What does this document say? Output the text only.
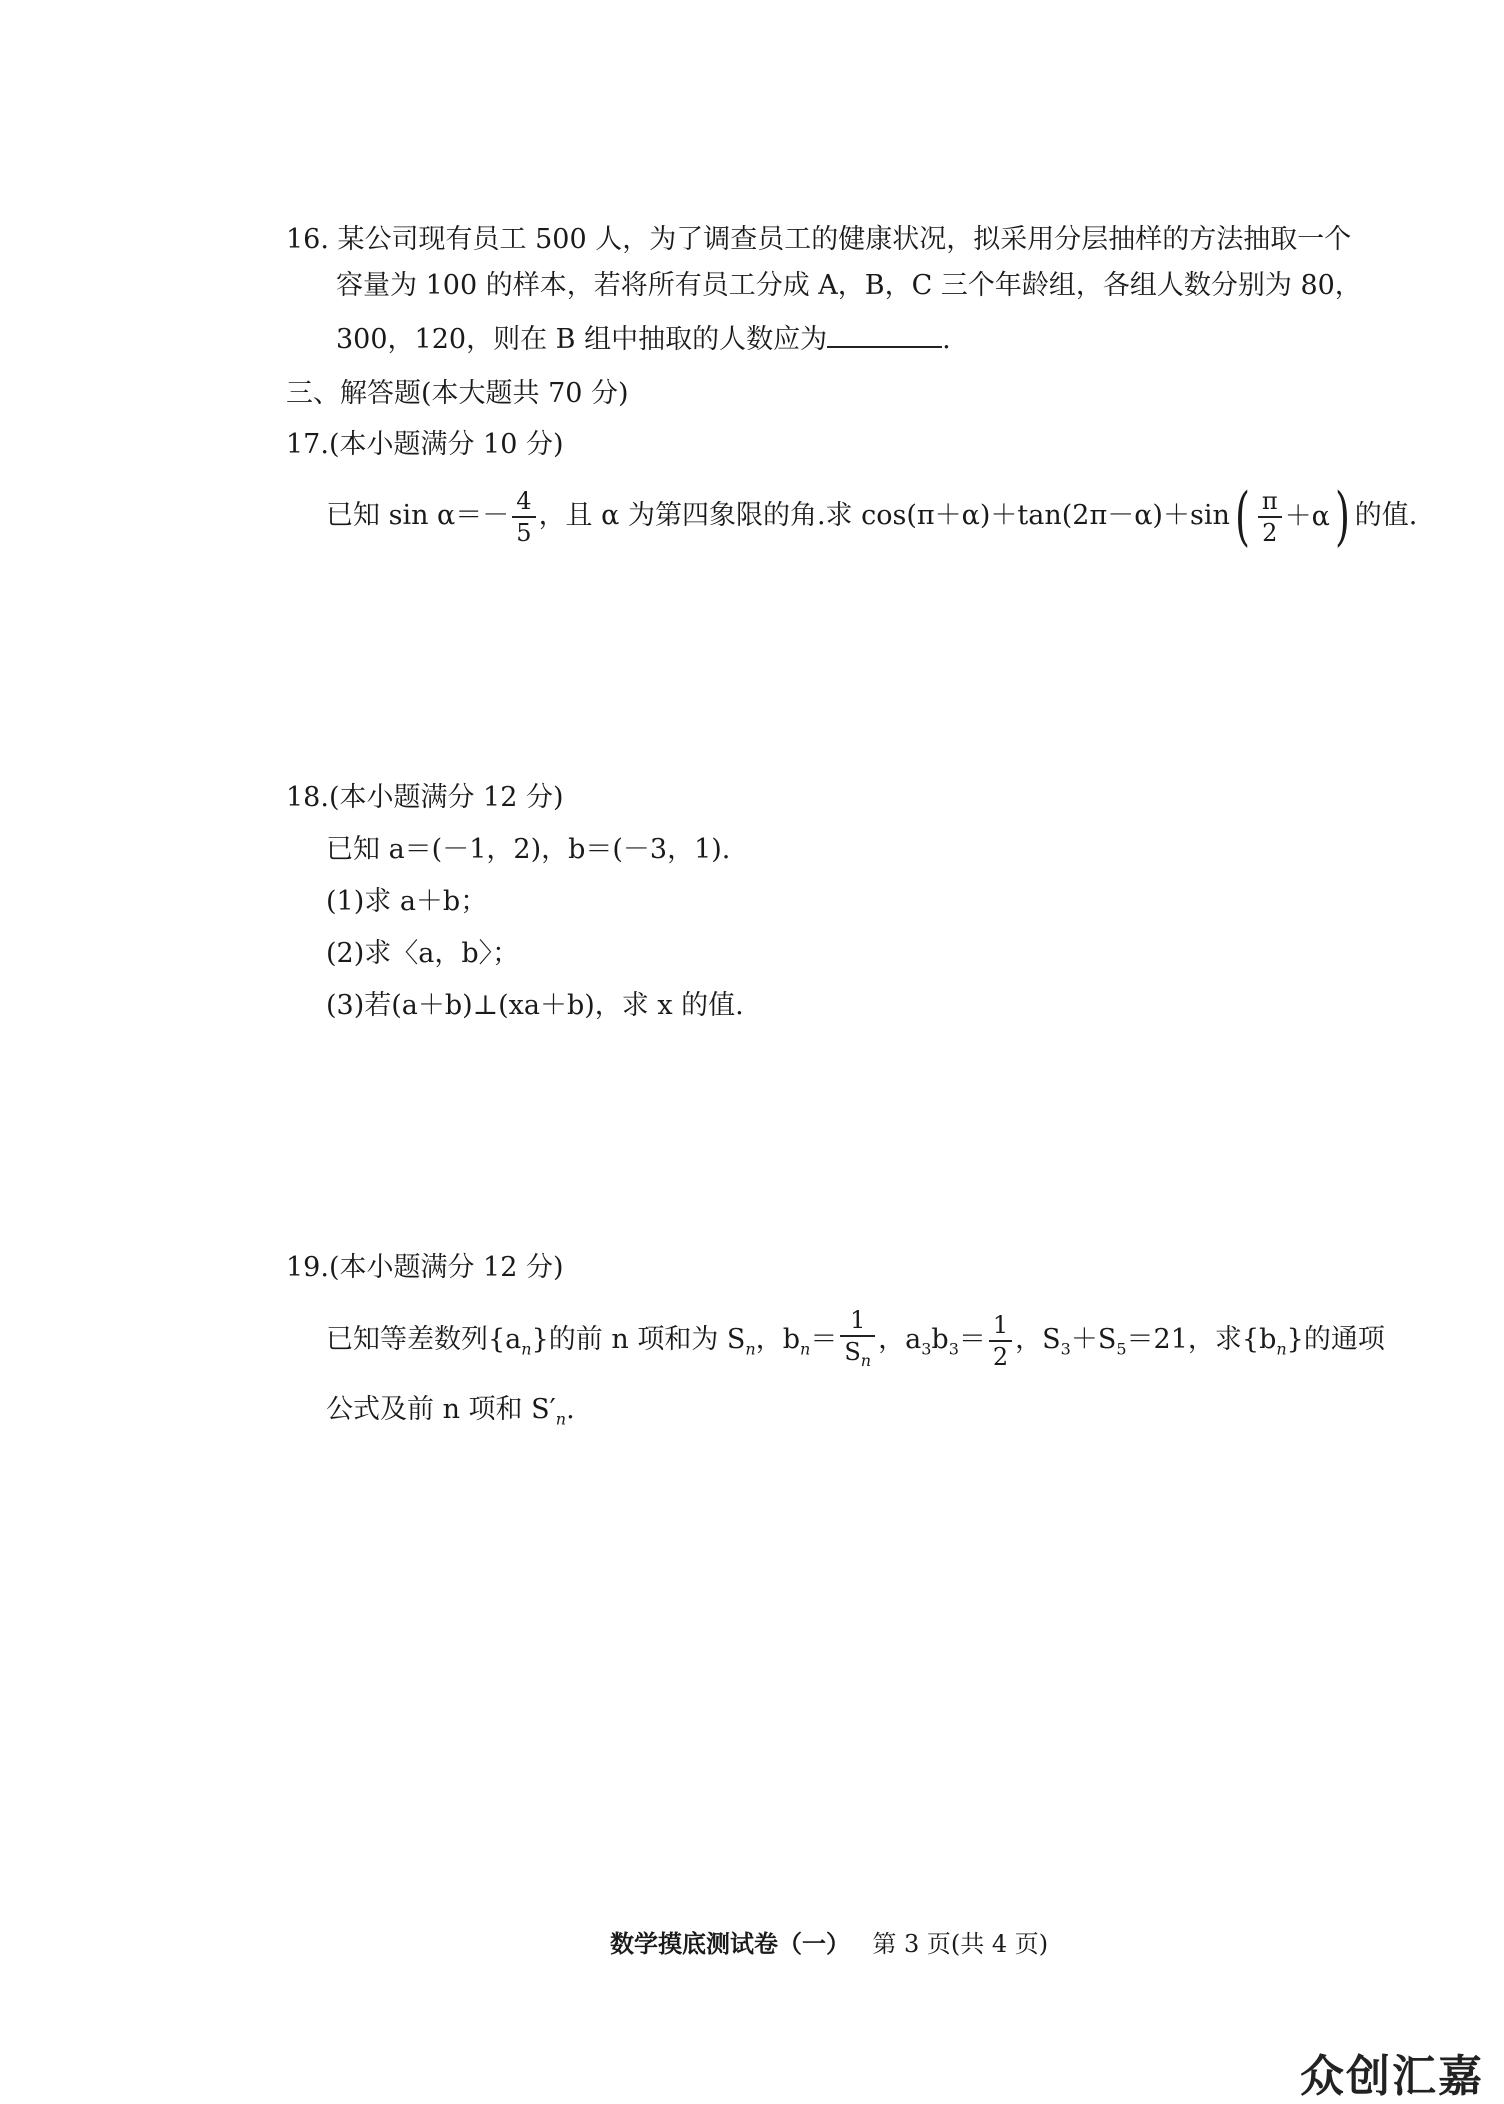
16. 某公司现有员工 500 人，为了调查员工的健康状况，拟采用分层抽样的方法抽取一个
容量为 100 的样本，若将所有员工分成 A，B，C 三个年龄组，各组人数分别为 80，
300，120，则在 B 组中抽取的人数应为	.
三、解答题(本大题共 70 分)
17.(本小题满分 10 分)
已知 $\sin \alpha=- \frac{4}{5}$ ，且 α 为第四象限的角.求 cos(π＋α)＋tan(2π－α)＋sin ( $\frac{\pi}{2} +\alpha$ ) 的值.
18.(本小题满分 12 分)
已知 a＝(－1，2)，b＝(－3，1).
(1)求 a＋b；
(2)求〈a，b〉；
(3)若(a＋b)⊥(xa＋b)，求 x 的值.
19.(本小题满分 12 分)
已知等差数列$\{a_n\}$的前 n 项和为 $S_n$，$b_n= \frac{1}{S_n}$ ，$a_3b_3= \frac{1}{2}$ ，$S_3+S_5=21$，求$\{b_n\}$的通项
公式及前 n 项和 $S'_n$.
数学摸底测试卷（一） 第 3 页(共 4 页)
众创汇嘉
